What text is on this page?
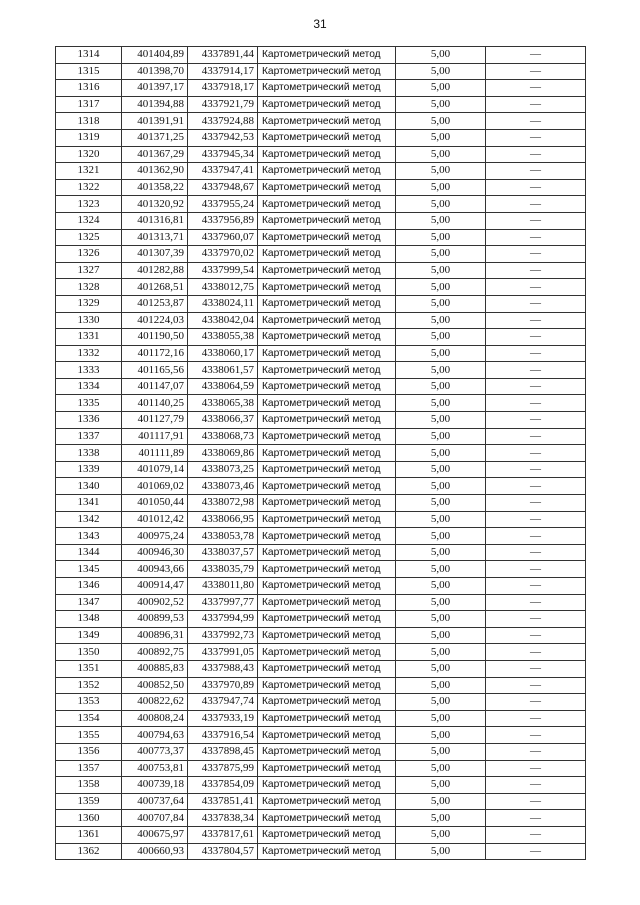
31
1314	401404,89	4337891,44	Картометрический метод	5,00	—
1315	401398,70	4337914,17	Картометрический метод	5,00	—
1316	401397,17	4337918,17	Картометрический метод	5,00	—
1317	401394,88	4337921,79	Картометрический метод	5,00	—
1318	401391,91	4337924,88	Картометрический метод	5,00	—
1319	401371,25	4337942,53	Картометрический метод	5,00	—
1320	401367,29	4337945,34	Картометрический метод	5,00	—
1321	401362,90	4337947,41	Картометрический метод	5,00	—
1322	401358,22	4337948,67	Картометрический метод	5,00	—
1323	401320,92	4337955,24	Картометрический метод	5,00	—
1324	401316,81	4337956,89	Картометрический метод	5,00	—
1325	401313,71	4337960,07	Картометрический метод	5,00	—
1326	401307,39	4337970,02	Картометрический метод	5,00	—
1327	401282,88	4337999,54	Картометрический метод	5,00	—
1328	401268,51	4338012,75	Картометрический метод	5,00	—
1329	401253,87	4338024,11	Картометрический метод	5,00	—
1330	401224,03	4338042,04	Картометрический метод	5,00	—
1331	401190,50	4338055,38	Картометрический метод	5,00	—
1332	401172,16	4338060,17	Картометрический метод	5,00	—
1333	401165,56	4338061,57	Картометрический метод	5,00	—
1334	401147,07	4338064,59	Картометрический метод	5,00	—
1335	401140,25	4338065,38	Картометрический метод	5,00	—
1336	401127,79	4338066,37	Картометрический метод	5,00	—
1337	401117,91	4338068,73	Картометрический метод	5,00	—
1338	401111,89	4338069,86	Картометрический метод	5,00	—
1339	401079,14	4338073,25	Картометрический метод	5,00	—
1340	401069,02	4338073,46	Картометрический метод	5,00	—
1341	401050,44	4338072,98	Картометрический метод	5,00	—
1342	401012,42	4338066,95	Картометрический метод	5,00	—
1343	400975,24	4338053,78	Картометрический метод	5,00	—
1344	400946,30	4338037,57	Картометрический метод	5,00	—
1345	400943,66	4338035,79	Картометрический метод	5,00	—
1346	400914,47	4338011,80	Картометрический метод	5,00	—
1347	400902,52	4337997,77	Картометрический метод	5,00	—
1348	400899,53	4337994,99	Картометрический метод	5,00	—
1349	400896,31	4337992,73	Картометрический метод	5,00	—
1350	400892,75	4337991,05	Картометрический метод	5,00	—
1351	400885,83	4337988,43	Картометрический метод	5,00	—
1352	400852,50	4337970,89	Картометрический метод	5,00	—
1353	400822,62	4337947,74	Картометрический метод	5,00	—
1354	400808,24	4337933,19	Картометрический метод	5,00	—
1355	400794,63	4337916,54	Картометрический метод	5,00	—
1356	400773,37	4337898,45	Картометрический метод	5,00	—
1357	400753,81	4337875,99	Картометрический метод	5,00	—
1358	400739,18	4337854,09	Картометрический метод	5,00	—
1359	400737,64	4337851,41	Картометрический метод	5,00	—
1360	400707,84	4337838,34	Картометрический метод	5,00	—
1361	400675,97	4337817,61	Картометрический метод	5,00	—
1362	400660,93	4337804,57	Картометрический метод	5,00	—
